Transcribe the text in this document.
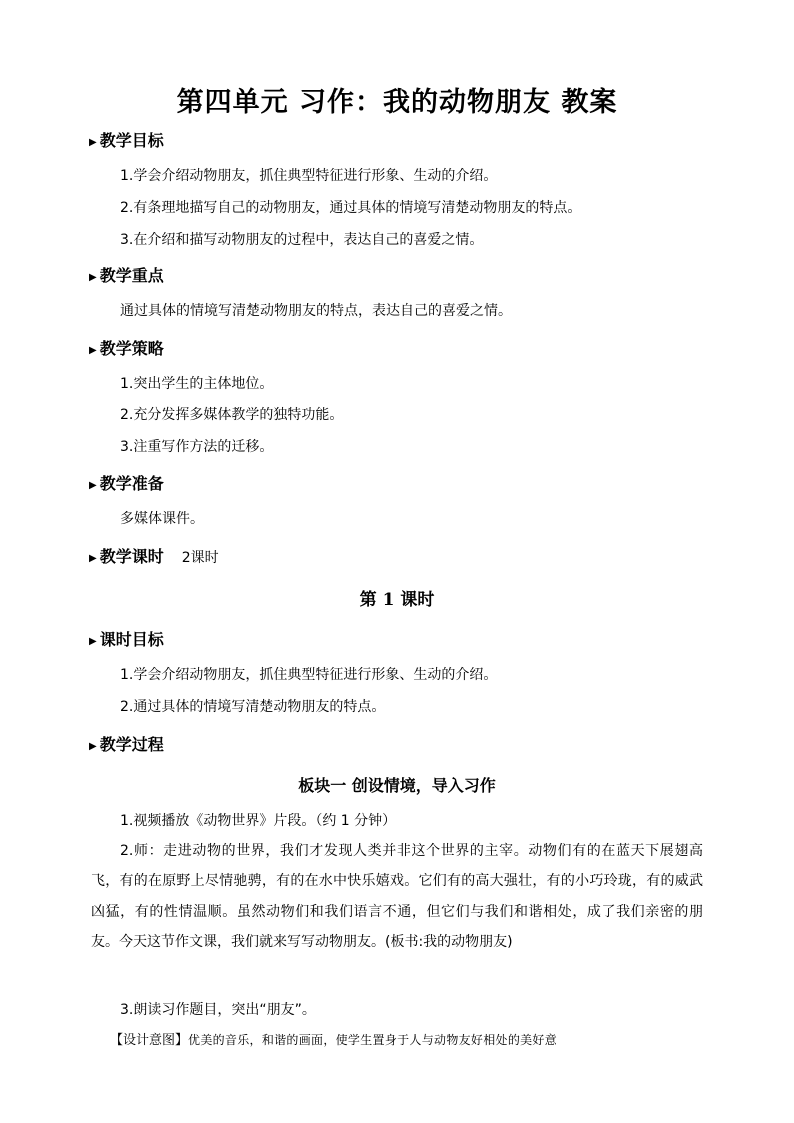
第四单元 习作：我的动物朋友 教案
▶ 教学目标
1.学会介绍动物朋友，抓住典型特征进行形象、生动的介绍。
2.有条理地描写自己的动物朋友，通过具体的情境写清楚动物朋友的特点。
3.在介绍和描写动物朋友的过程中，表达自己的喜爱之情。
▶ 教学重点
通过具体的情境写清楚动物朋友的特点，表达自己的喜爱之情。
▶ 教学策略
1.突出学生的主体地位。
2.充分发挥多媒体教学的独特功能。
3.注重写作方法的迁移。
▶ 教学准备
多媒体课件。
▶ 教学课时 2课时
第 1 课时
▶ 课时目标
1.学会介绍动物朋友，抓住典型特征进行形象、生动的介绍。
2.通过具体的情境写清楚动物朋友的特点。
▶ 教学过程
板块一 创设情境，导入习作
1.视频播放《动物世界》片段。（约 1 分钟）

2.师：走进动物的世界，我们才发现人类并非这个世界的主宰。动物们有的在蓝天下展翅高飞，有的在原野上尽情驰骋，有的在水中快乐嬉戏。它们有的高大强壮，有的小巧玲珑，有的威武凶猛，有的性情温顺。虽然动物们和我们语言不通，但它们与我们和谐相处，成了我们亲密的朋友。今天这节作文课，我们就来写写动物朋友。(板书:我的动物朋友)

3.朗读习作题目，突出“朋友”。
【设计意图】优美的音乐，和谐的画面，使学生置身于人与动物友好相处的美好意
